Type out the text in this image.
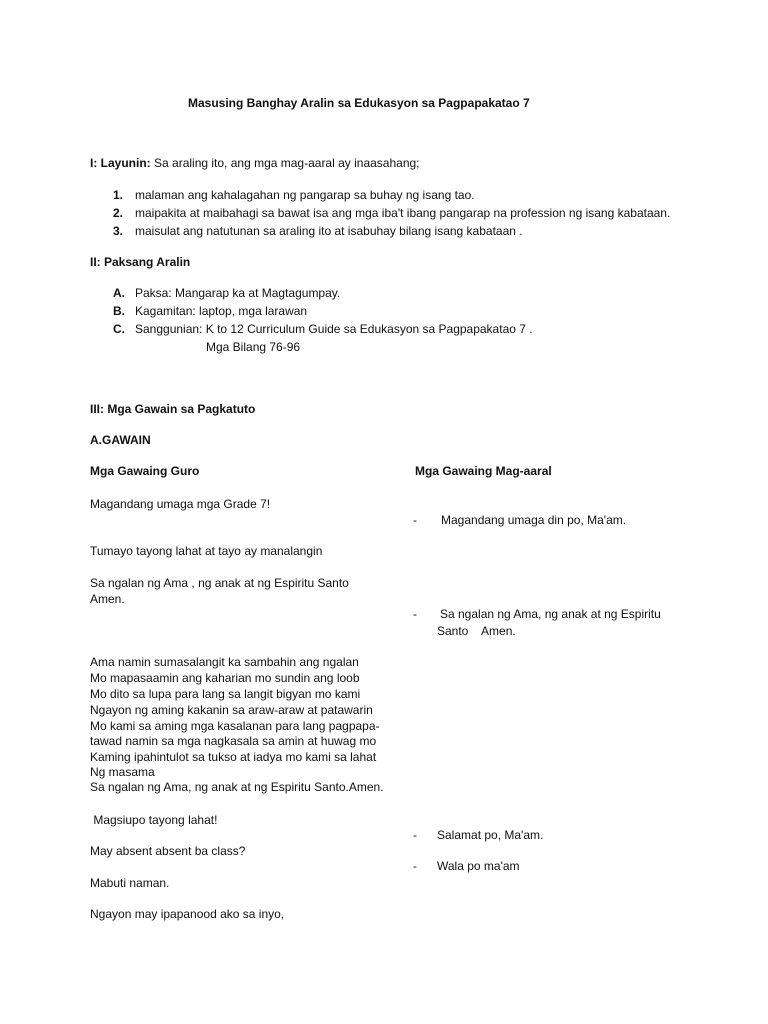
Masusing Banghay Aralin sa Edukasyon sa Pagpapakatao 7
I: Layunin: Sa araling ito, ang mga mag-aaral ay inaasahang;
1. malaman ang kahalagahan ng pangarap sa buhay ng isang tao.
2. maipakita at maibahagi sa bawat isa ang mga iba't ibang pangarap na profession ng isang kabataan.
3. maisulat ang natutunan sa araling ito at isabuhay bilang isang kabataan .
II: Paksang Aralin
A. Paksa: Mangarap ka at Magtagumpay.
B. Kagamitan: laptop, mga larawan
C. Sanggunian: K to 12 Curriculum Guide sa Edukasyon sa Pagpapakatao 7 .
Mga Bilang 76-96
III: Mga Gawain sa Pagkatuto
A.GAWAIN
Mga Gawaing Guro	Mga Gawaing Mag-aaral
Magandang umaga mga Grade 7!
Tumayo tayong lahat at tayo ay manalangin
Sa ngalan ng Ama , ng anak at ng Espiritu Santo
Amen.
Ama namin sumasalangit ka sambahin ang ngalan
Mo mapasaamin ang kaharian mo sundin ang loob
Mo dito sa lupa para lang sa langit bigyan mo kami
Ngayon ng aming kakanin sa araw-araw at patawarin
Mo kami sa aming mga kasalanan para lang pagpapa-
tawad namin sa mga nagkasala sa amin at huwag mo
Kaming ipahintulot sa tukso at iadya mo kami sa lahat
Ng masama
Sa ngalan ng Ama, ng anak at ng Espiritu Santo.Amen.
Magsiupo tayong lahat!
May absent absent ba class?
Mabuti naman.
Ngayon may ipapanood ako sa inyo,
- Magandang umaga din po, Ma'am.
- Sa ngalan ng Ama, ng anak at ng Espiritu
Santo    Amen.
- Salamat po, Ma'am.
- Wala po ma'am
